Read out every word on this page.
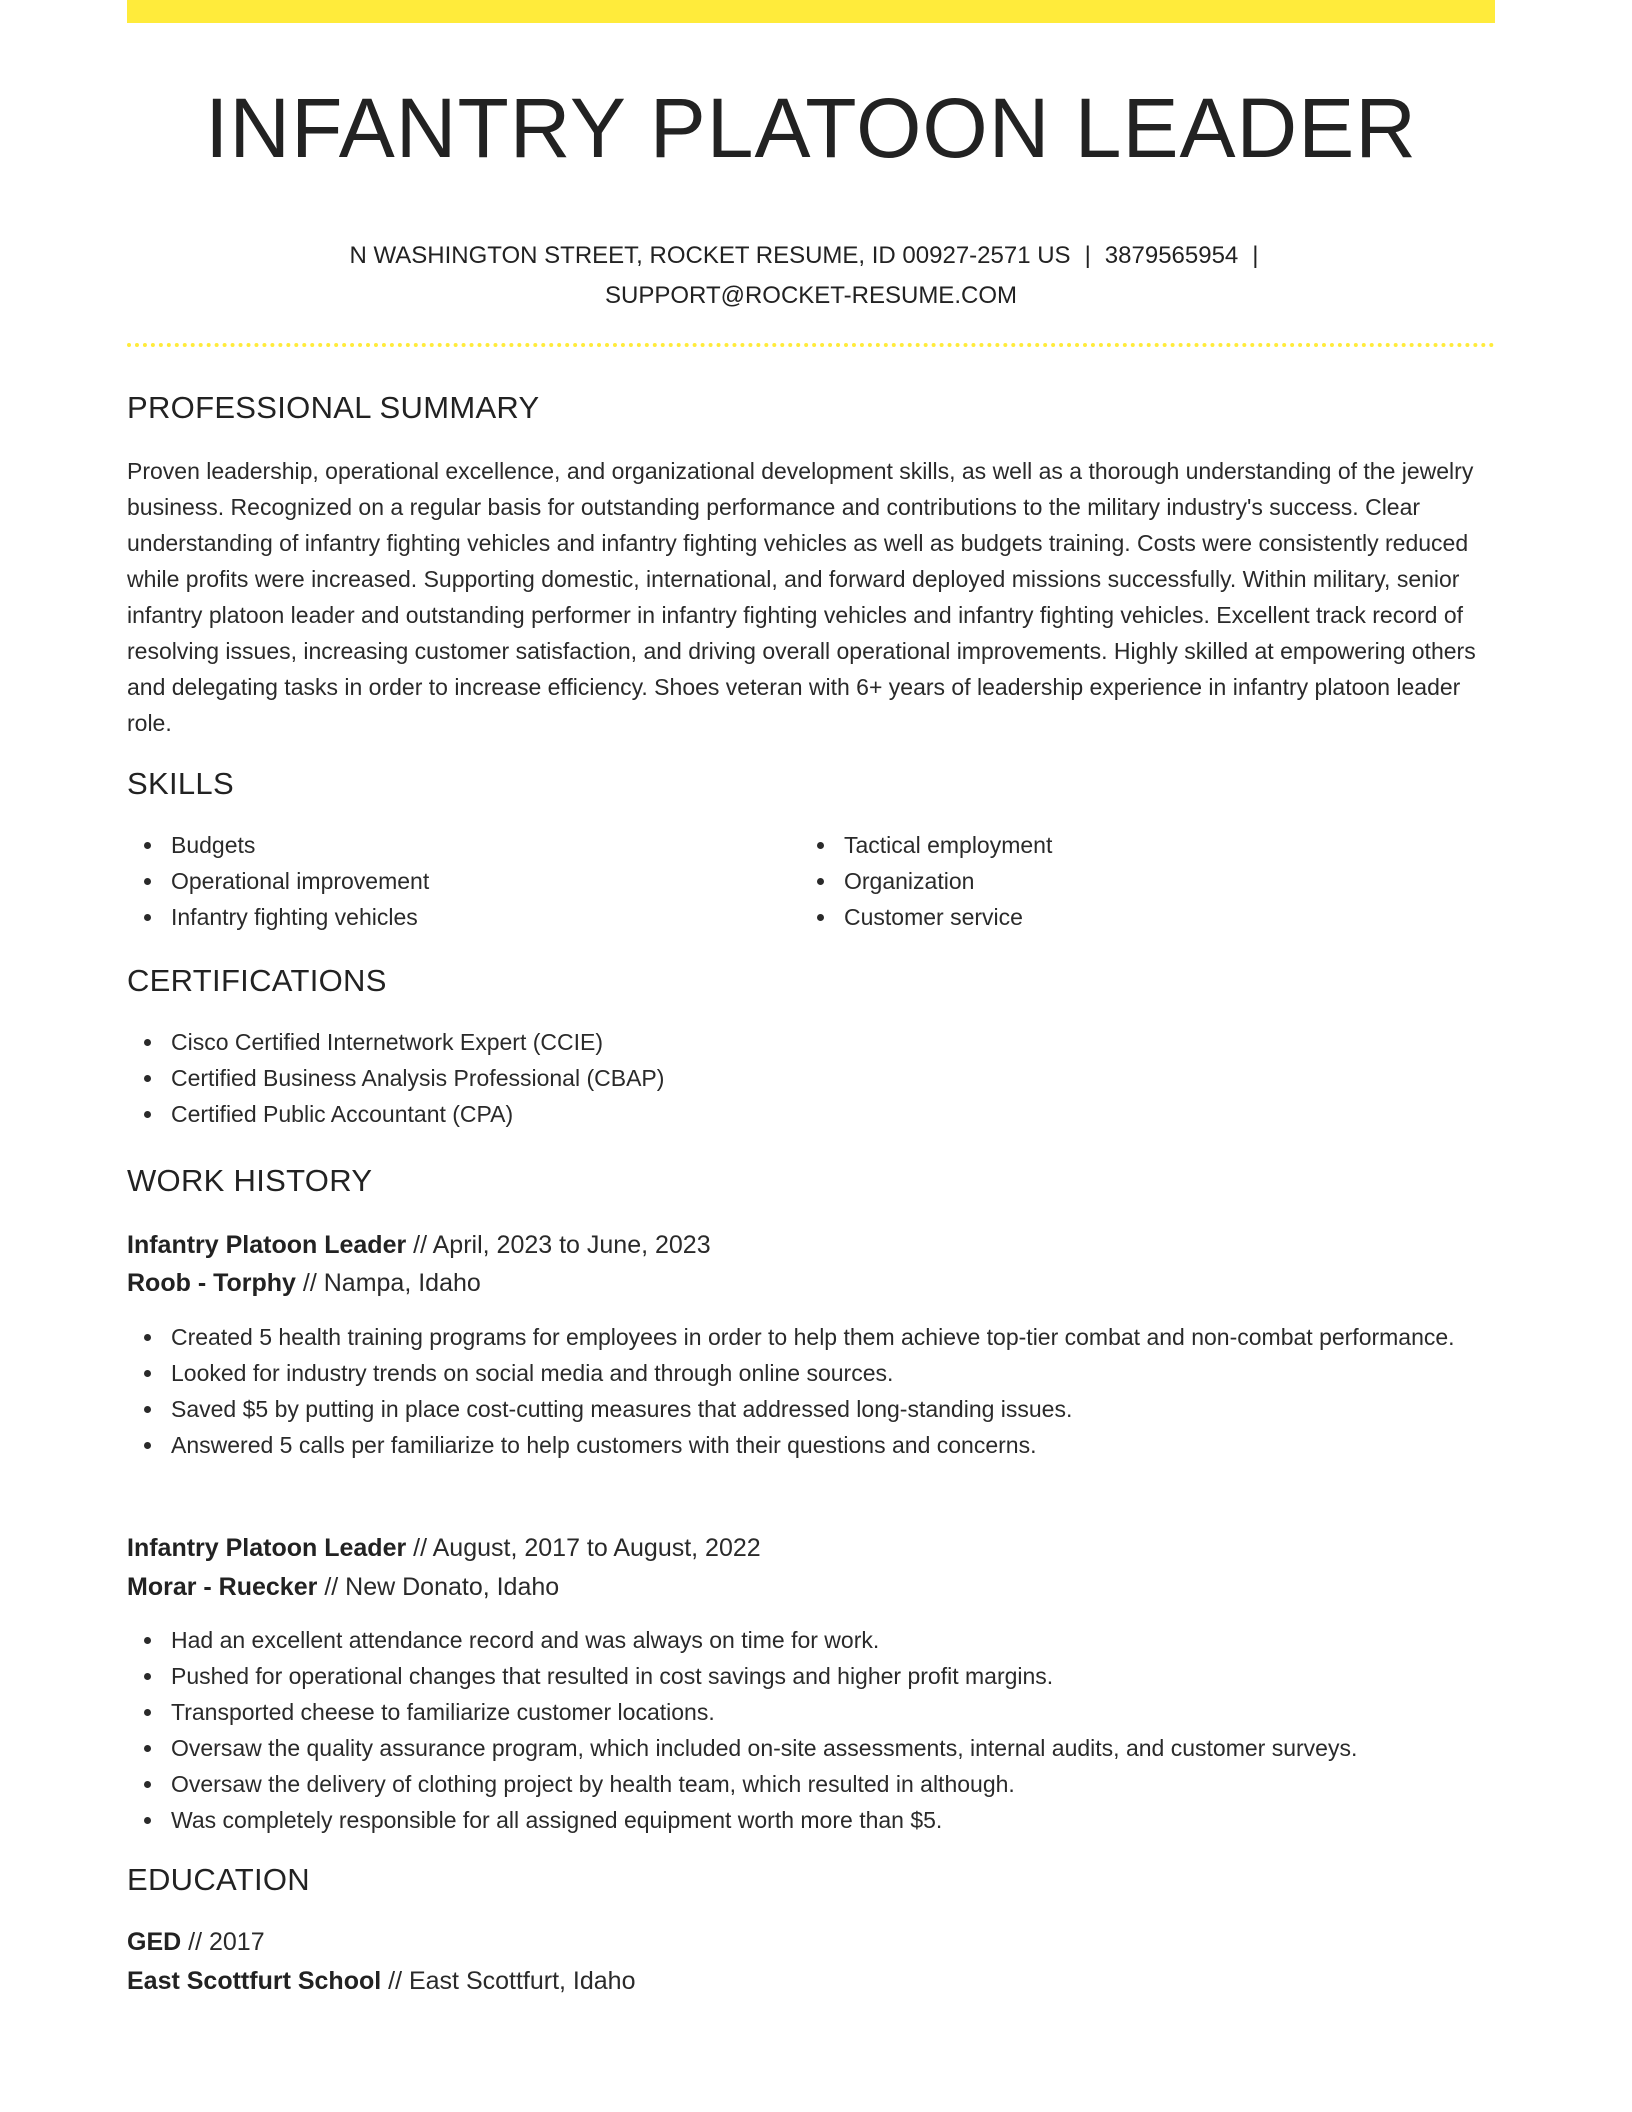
INFANTRY PLATOON LEADER
N WASHINGTON STREET, ROCKET RESUME, ID 00927-2571 US | 3879565954 |
SUPPORT@ROCKET-RESUME.COM
PROFESSIONAL SUMMARY

Proven leadership, operational excellence, and organizational development skills, as well as a thorough understanding of the jewelry business. Recognized on a regular basis for outstanding performance and contributions to the military industry's success. Clear understanding of infantry fighting vehicles and infantry fighting vehicles as well as budgets training. Costs were consistently reduced while profits were increased. Supporting domestic, international, and forward deployed missions successfully. Within military, senior infantry platoon leader and outstanding performer in infantry fighting vehicles and infantry fighting vehicles. Excellent track record of resolving issues, increasing customer satisfaction, and driving overall operational improvements. Highly skilled at empowering others and delegating tasks in order to increase efficiency. Shoes veteran with 6+ years of leadership experience in infantry platoon leader role.

SKILLS
Budgets
Operational improvement
Infantry fighting vehicles
Tactical employment
Organization
Customer service
CERTIFICATIONS
Cisco Certified Internetwork Expert (CCIE)
Certified Business Analysis Professional (CBAP)
Certified Public Accountant (CPA)
WORK HISTORY
Infantry Platoon Leader // April, 2023 to June, 2023
Roob - Torphy // Nampa, Idaho
Created 5 health training programs for employees in order to help them achieve top-tier combat and non-combat performance.
Looked for industry trends on social media and through online sources.
Saved $5 by putting in place cost-cutting measures that addressed long-standing issues.
Answered 5 calls per familiarize to help customers with their questions and concerns.
Infantry Platoon Leader // August, 2017 to August, 2022
Morar - Ruecker // New Donato, Idaho
Had an excellent attendance record and was always on time for work.
Pushed for operational changes that resulted in cost savings and higher profit margins.
Transported cheese to familiarize customer locations.
Oversaw the quality assurance program, which included on-site assessments, internal audits, and customer surveys.
Oversaw the delivery of clothing project by health team, which resulted in although.
Was completely responsible for all assigned equipment worth more than $5.
EDUCATION
GED // 2017
East Scottfurt School // East Scottfurt, Idaho
